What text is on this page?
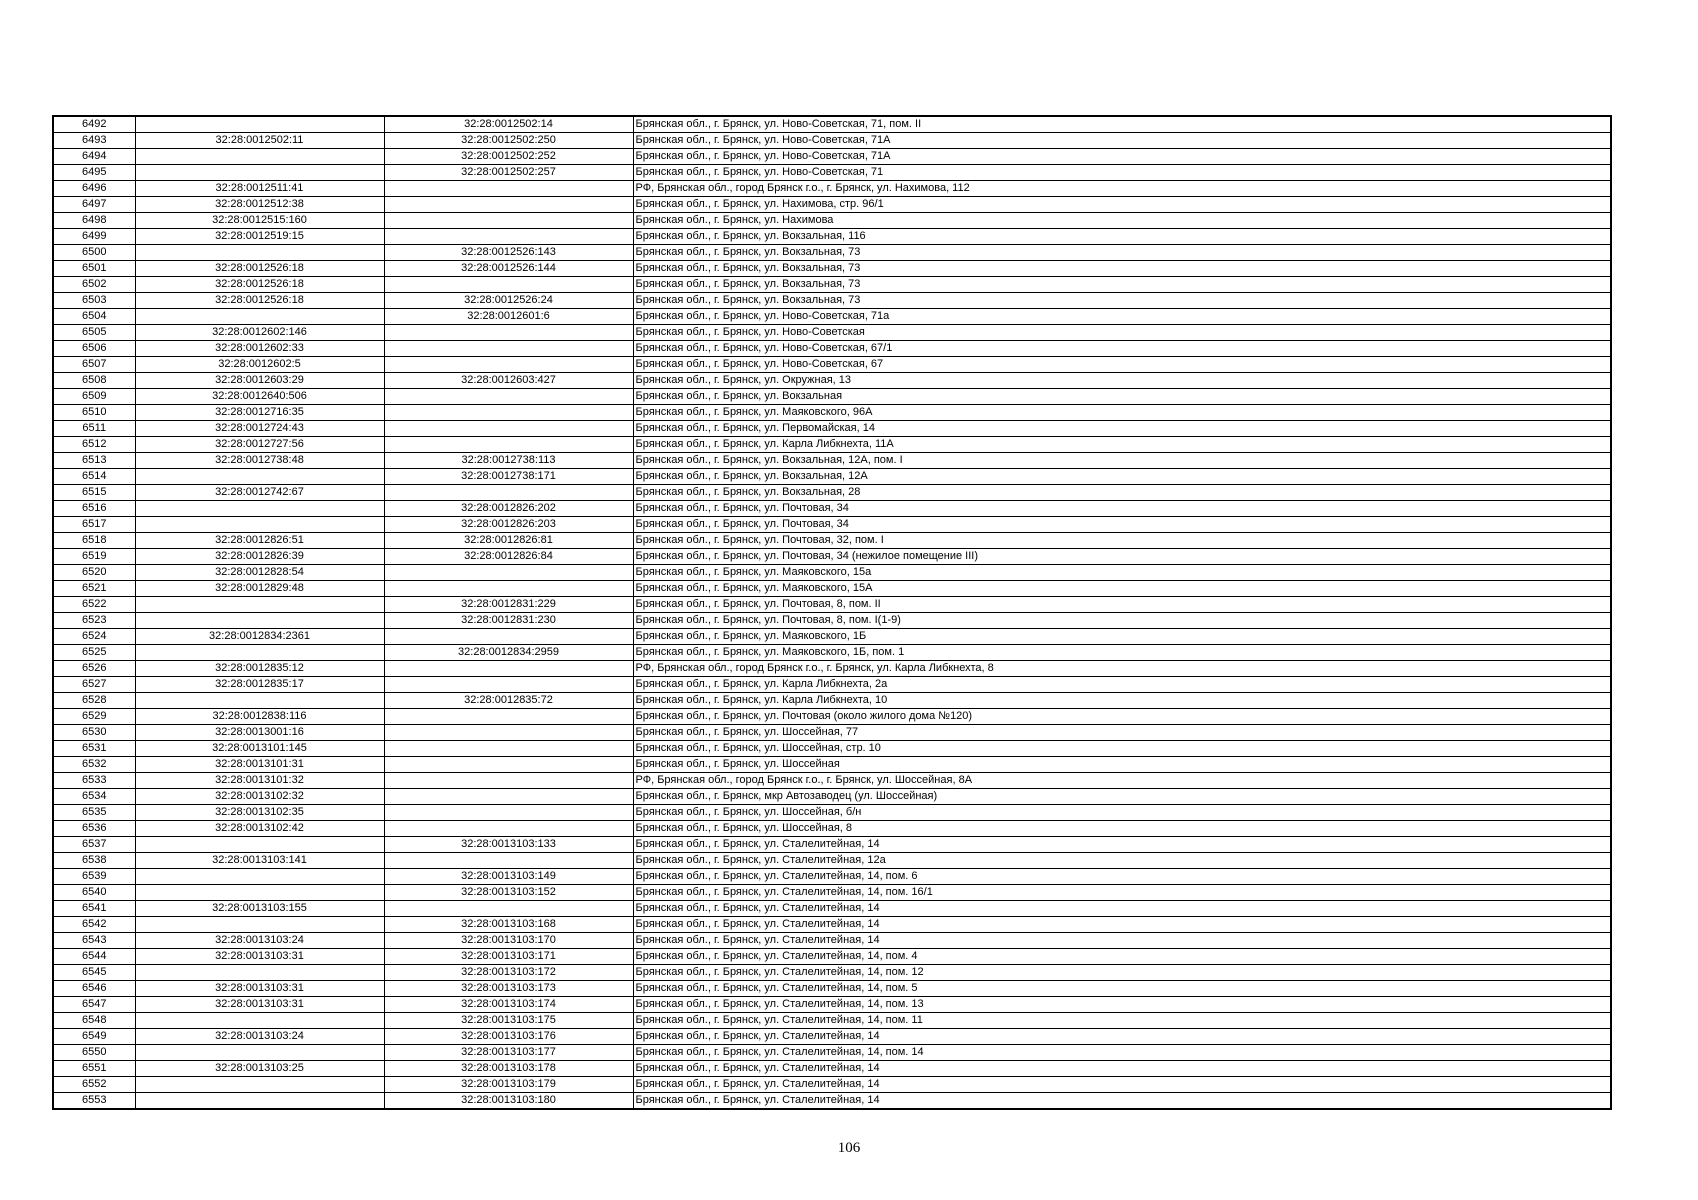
6492		32:28:0012502:14	Брянская обл., г. Брянск, ул. Ново-Советская, 71, пом. II
6493	32:28:0012502:11	32:28:0012502:250	Брянская обл., г. Брянск, ул. Ново-Советская, 71А
6494		32:28:0012502:252	Брянская обл., г. Брянск, ул. Ново-Советская, 71А
6495		32:28:0012502:257	Брянская обл., г. Брянск, ул. Ново-Советская, 71
6496	32:28:0012511:41		РФ, Брянская обл., город Брянск г.о., г. Брянск, ул. Нахимова, 112
6497	32:28:0012512:38		Брянская обл., г. Брянск, ул. Нахимова, стр. 96/1
6498	32:28:0012515:160		Брянская обл., г. Брянск, ул. Нахимова
6499	32:28:0012519:15		Брянская обл., г. Брянск, ул. Вокзальная, 116
6500		32:28:0012526:143	Брянская обл., г. Брянск, ул. Вокзальная, 73
6501	32:28:0012526:18	32:28:0012526:144	Брянская обл., г. Брянск, ул. Вокзальная, 73
6502	32:28:0012526:18		Брянская обл., г. Брянск, ул. Вокзальная, 73
6503	32:28:0012526:18	32:28:0012526:24	Брянская обл., г. Брянск, ул. Вокзальная, 73
6504		32:28:0012601:6	Брянская обл., г. Брянск, ул. Ново-Советская, 71а
6505	32:28:0012602:146		Брянская обл., г. Брянск, ул. Ново-Советская
6506	32:28:0012602:33		Брянская обл., г. Брянск, ул. Ново-Советская, 67/1
6507	32:28:0012602:5		Брянская обл., г. Брянск, ул. Ново-Советская, 67
6508	32:28:0012603:29	32:28:0012603:427	Брянская обл., г. Брянск, ул. Окружная, 13
6509	32:28:0012640:506		Брянская обл., г. Брянск, ул. Вокзальная
6510	32:28:0012716:35		Брянская обл., г. Брянск, ул. Маяковского, 96А
6511	32:28:0012724:43		Брянская обл., г. Брянск, ул. Первомайская, 14
6512	32:28:0012727:56		Брянская обл., г. Брянск, ул. Карла Либкнехта, 11А
6513	32:28:0012738:48	32:28:0012738:113	Брянская обл., г. Брянск, ул. Вокзальная, 12А, пом. I
6514		32:28:0012738:171	Брянская обл., г. Брянск, ул. Вокзальная, 12А
6515	32:28:0012742:67		Брянская обл., г. Брянск, ул. Вокзальная, 28
6516		32:28:0012826:202	Брянская обл., г. Брянск, ул. Почтовая, 34
6517		32:28:0012826:203	Брянская обл., г. Брянск, ул. Почтовая, 34
6518	32:28:0012826:51	32:28:0012826:81	Брянская обл., г. Брянск, ул. Почтовая, 32, пом. I
6519	32:28:0012826:39	32:28:0012826:84	Брянская обл., г. Брянск, ул. Почтовая, 34 (нежилое помещение III)
6520	32:28:0012828:54		Брянская обл., г. Брянск, ул. Маяковского, 15а
6521	32:28:0012829:48		Брянская обл., г. Брянск, ул. Маяковского, 15А
6522		32:28:0012831:229	Брянская обл., г. Брянск, ул. Почтовая, 8, пом. II
6523		32:28:0012831:230	Брянская обл., г. Брянск, ул. Почтовая, 8, пом. I(1-9)
6524	32:28:0012834:2361		Брянская обл., г. Брянск, ул. Маяковского, 1Б
6525		32:28:0012834:2959	Брянская обл., г. Брянск, ул. Маяковского, 1Б, пом. 1
6526	32:28:0012835:12		РФ, Брянская обл., город Брянск г.о., г. Брянск, ул. Карла Либкнехта, 8
6527	32:28:0012835:17		Брянская обл., г. Брянск, ул. Карла Либкнехта, 2а
6528		32:28:0012835:72	Брянская обл., г. Брянск, ул. Карла Либкнехта, 10
6529	32:28:0012838:116		Брянская обл., г. Брянск, ул. Почтовая (около жилого дома №120)
6530	32:28:0013001:16		Брянская обл., г. Брянск, ул. Шоссейная, 77
6531	32:28:0013101:145		Брянская обл., г. Брянск, ул. Шоссейная, стр. 10
6532	32:28:0013101:31		Брянская обл., г. Брянск, ул. Шоссейная
6533	32:28:0013101:32		РФ, Брянская обл., город Брянск г.о., г. Брянск, ул. Шоссейная, 8А
6534	32:28:0013102:32		Брянская обл., г. Брянск, мкр Автозаводец (ул. Шоссейная)
6535	32:28:0013102:35		Брянская обл., г. Брянск, ул. Шоссейная, б/н
6536	32:28:0013102:42		Брянская обл., г. Брянск, ул. Шоссейная, 8
6537		32:28:0013103:133	Брянская обл., г. Брянск, ул. Сталелитейная, 14
6538	32:28:0013103:141		Брянская обл., г. Брянск, ул. Сталелитейная, 12а
6539		32:28:0013103:149	Брянская обл., г. Брянск, ул. Сталелитейная, 14, пом. 6
6540		32:28:0013103:152	Брянская обл., г. Брянск, ул. Сталелитейная, 14, пом. 16/1
6541	32:28:0013103:155		Брянская обл., г. Брянск, ул. Сталелитейная, 14
6542		32:28:0013103:168	Брянская обл., г. Брянск, ул. Сталелитейная, 14
6543	32:28:0013103:24	32:28:0013103:170	Брянская обл., г. Брянск, ул. Сталелитейная, 14
6544	32:28:0013103:31	32:28:0013103:171	Брянская обл., г. Брянск, ул. Сталелитейная, 14, пом. 4
6545		32:28:0013103:172	Брянская обл., г. Брянск, ул. Сталелитейная, 14, пом. 12
6546	32:28:0013103:31	32:28:0013103:173	Брянская обл., г. Брянск, ул. Сталелитейная, 14, пом. 5
6547	32:28:0013103:31	32:28:0013103:174	Брянская обл., г. Брянск, ул. Сталелитейная, 14, пом. 13
6548		32:28:0013103:175	Брянская обл., г. Брянск, ул. Сталелитейная, 14, пом. 11
6549	32:28:0013103:24	32:28:0013103:176	Брянская обл., г. Брянск, ул. Сталелитейная, 14
6550		32:28:0013103:177	Брянская обл., г. Брянск, ул. Сталелитейная, 14, пом. 14
6551	32:28:0013103:25	32:28:0013103:178	Брянская обл., г. Брянск, ул. Сталелитейная, 14
6552		32:28:0013103:179	Брянская обл., г. Брянск, ул. Сталелитейная, 14
6553		32:28:0013103:180	Брянская обл., г. Брянск, ул. Сталелитейная, 14
106
